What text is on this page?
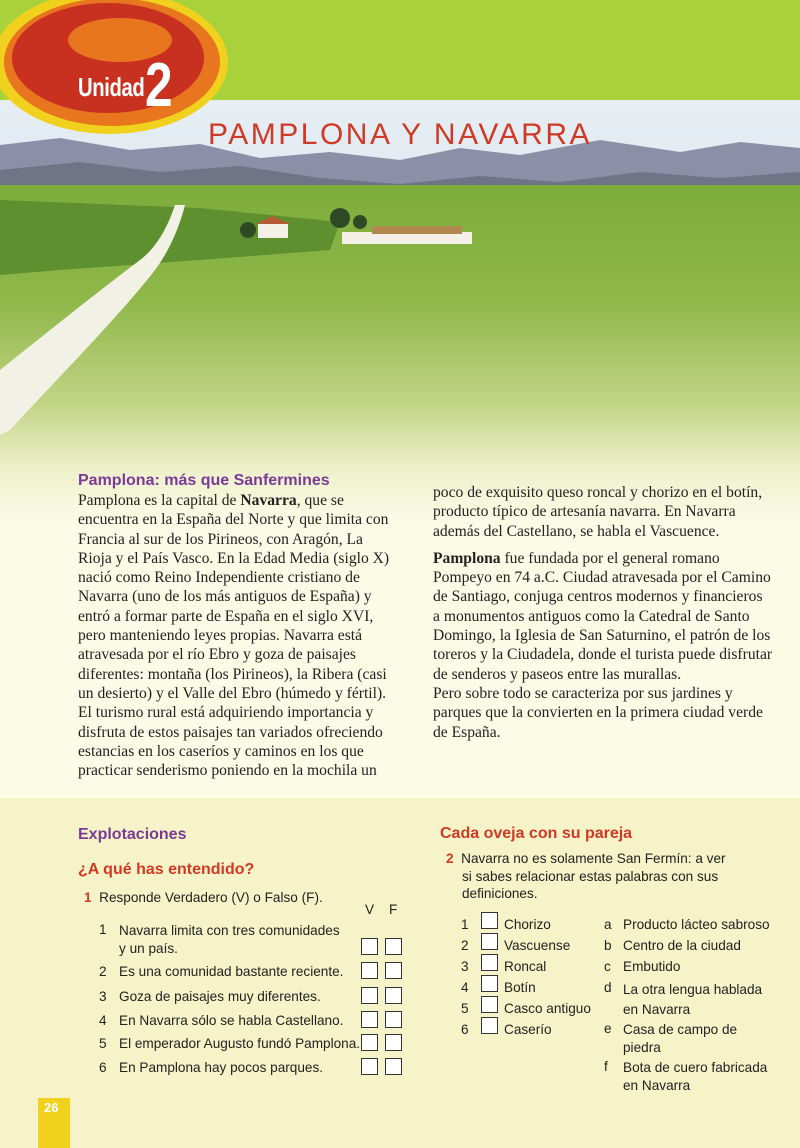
Unidad 2
PAMPLONA Y NAVARRA
Pamplona: más que Sanfermines

Pamplona es la capital de Navarra, que se encuentra en la España del Norte y que limita con Francia al sur de los Pirineos, con Aragón, La Rioja y el País Vasco. En la Edad Media (siglo X) nació como Reino Independiente cristiano de Navarra (uno de los más antiguos de España) y entró a formar parte de España en el siglo XVI, pero manteniendo leyes propias. Navarra está atravesada por el río Ebro y goza de paisajes diferentes: montaña (los Pirineos), la Ribera (casi un desierto) y el Valle del Ebro (húmedo y fértil). El turismo rural está adquiriendo importancia y disfruta de estos paisajes tan variados ofreciendo estancias en los caseríos y caminos en los que practicar senderismo poniendo en la mochila un

poco de exquisito queso roncal y chorizo en el botín, producto típico de artesanía navarra. En Navarra además del Castellano, se habla el Vascuence.

Pamplona fue fundada por el general romano Pompeyo en 74 a.C. Ciudad atravesada por el Camino de Santiago, conjuga centros modernos y financieros a monumentos antiguos como la Catedral de Santo Domingo, la Iglesia de San Saturnino, el patrón de los toreros y la Ciudadela, donde el turista puede disfrutar de senderos y paseos entre las murallas.

Pero sobre todo se caracteriza por sus jardines y parques que la convierten en la primera ciudad verde de España.

Explotaciones
¿A qué has entendido?
1 Responde Verdadero (V) o Falso (F).
V F
1 Navarra limita con tres comunidades
y un país.
2 Es una comunidad bastante reciente.
3 Goza de paisajes muy diferentes.
4 En Navarra sólo se habla Castellano.
5 El emperador Augusto fundó Pamplona.
6 En Pamplona hay pocos parques.
Cada oveja con su pareja
2 Navarra no es solamente San Fermín: a ver
si sabes relacionar estas palabras con sus
definiciones.
1	Chorizo
2	Vascuense
3	Roncal
4	Botín
5	Casco antiguo
6	Caserío
a Producto lácteo sabroso
b Centro de la ciudad
c Embutido
d La otra lengua hablada
en Navarra
e Casa de campo de
piedra
f Bota de cuero fabricada
en Navarra
26
